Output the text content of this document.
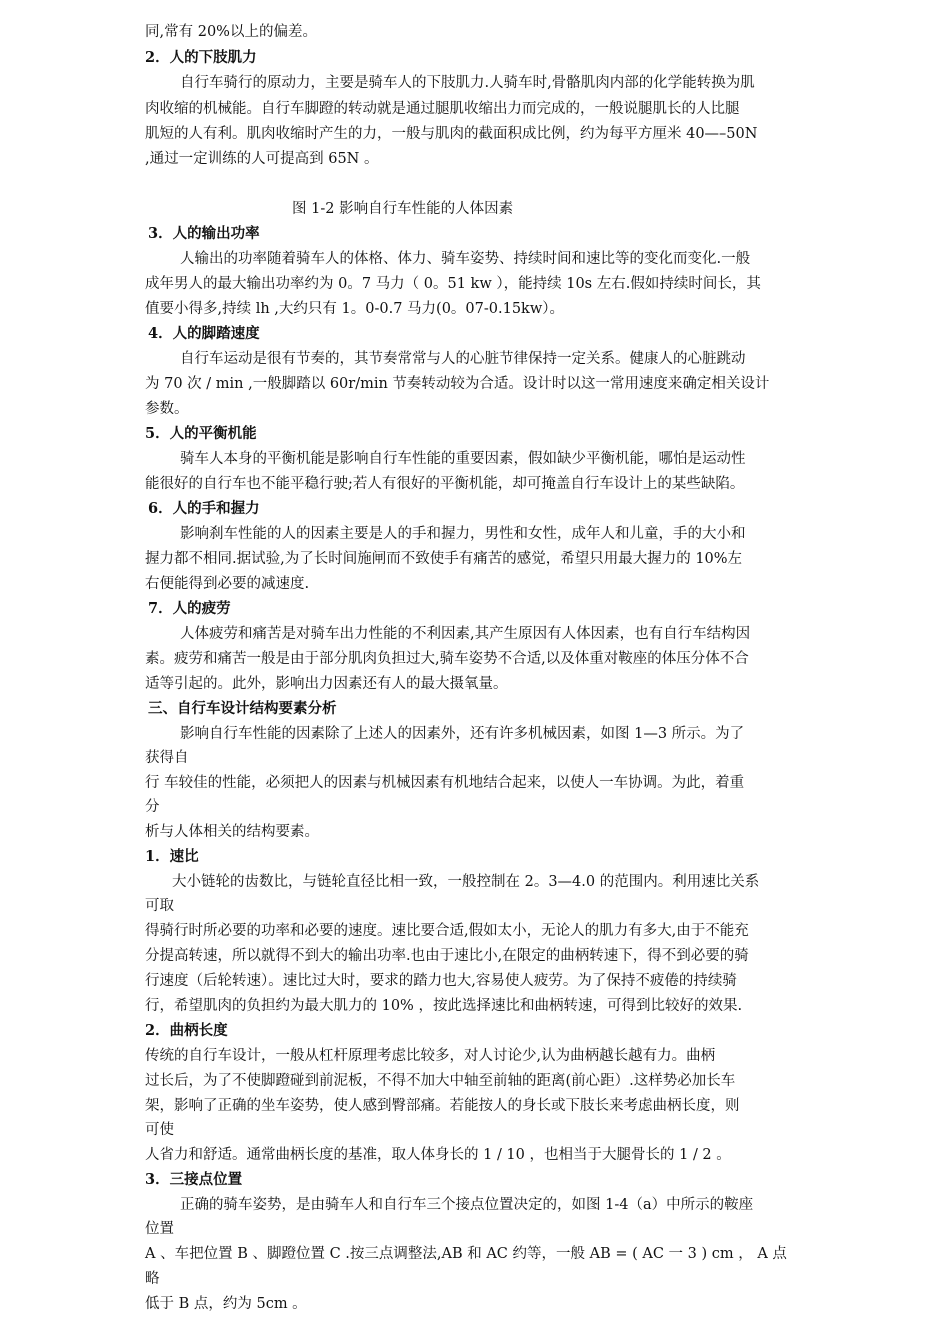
同,常有 20%以上的偏差。
2．人的下肢肌力
自行车骑行的原动力，主要是骑车人的下肢肌力.人骑车时,骨骼肌肉内部的化学能转换为肌
肉收缩的机械能。自行车脚蹬的转动就是通过腿肌收缩出力而完成的，一般说腿肌长的人比腿
肌短的人有利。肌肉收缩时产生的力，一般与肌肉的截面积成比例，约为每平方厘米 40—–50N
,通过一定训练的人可提高到 65N 。
图 1-2 影响自行车性能的人体因素
3．人的输出功率
人输出的功率随着骑车人的体格、体力、骑车姿势、持续时间和速比等的变化而变化.一般
成年男人的最大输出功率约为 0。7 马力（ 0。51 kw ），能持续 10s 左右.假如持续时间长，其
值要小得多,持续 lh ,大约只有 1。0-0.7 马力(0。07-0.15kw）。
4．人的脚踏速度
自行车运动是很有节奏的，其节奏常常与人的心脏节律保持一定关系。健康人的心脏跳动
为 70 次 / min ,一般脚踏以 60r/min 节奏转动较为合适。设计时以这一常用速度来确定相关设计
参数。
5．人的平衡机能
骑车人本身的平衡机能是影响自行车性能的重要因素，假如缺少平衡机能，哪怕是运动性
能很好的自行车也不能平稳行驶;若人有很好的平衡机能，却可掩盖自行车设计上的某些缺陷。
6．人的手和握力
影响刹车性能的人的因素主要是人的手和握力，男性和女性，成年人和儿童，手的大小和
握力都不相同.据试验,为了长时间施闸而不致使手有痛苦的感觉，希望只用最大握力的 10%左
右便能得到必要的减速度.
7．人的疲劳
人体疲劳和痛苦是对骑车出力性能的不利因素,其产生原因有人体因素，也有自行车结构因
素。疲劳和痛苦一般是由于部分肌肉负担过大,骑车姿势不合适,以及体重对鞍座的体压分体不合
适等引起的。此外，影响出力因素还有人的最大摄氧量。
三、自行车设计结构要素分析
影响自行车性能的因素除了上述人的因素外，还有许多机械因素，如图 1—3 所示。为了
获得自
行 车较佳的性能，必须把人的因素与机械因素有机地结合起来，以使人一车协调。为此，着重
分
析与人体相关的结构要素。
1．速比
大小链轮的齿数比，与链轮直径比相一致，一般控制在 2。3—4.0 的范围内。利用速比关系
可取
得骑行时所必要的功率和必要的速度。速比要合适,假如太小，无论人的肌力有多大,由于不能充
分提高转速，所以就得不到大的输出功率.也由于速比小,在限定的曲柄转速下，得不到必要的骑
行速度（后轮转速）。速比过大时，要求的踏力也大,容易使人疲劳。为了保持不疲倦的持续骑
行，希望肌肉的负担约为最大肌力的 10% ，按此选择速比和曲柄转速，可得到比较好的效果.
2．曲柄长度
传统的自行车设计，一般从杠杆原理考虑比较多，对人讨论少,认为曲柄越长越有力。曲柄
过长后，为了不使脚蹬碰到前泥板，不得不加大中轴至前轴的距离(前心距）.这样势必加长车
架，影响了正确的坐车姿势，使人感到臀部痛。若能按人的身长或下肢长来考虑曲柄长度，则
可使
人省力和舒适。通常曲柄长度的基准，取人体身长的 1 / 10 ，也相当于大腿骨长的 1 / 2 。
3．三接点位置
正确的骑车姿势，是由骑车人和自行车三个接点位置决定的，如图 1-4（a）中所示的鞍座
位置
A 、车把位置 B 、脚蹬位置 C .按三点调整法,AB 和 AC 约等，一般 AB = ( AC 一 3 ) cm ， A 点
略
低于 B 点，约为 5cm 。
